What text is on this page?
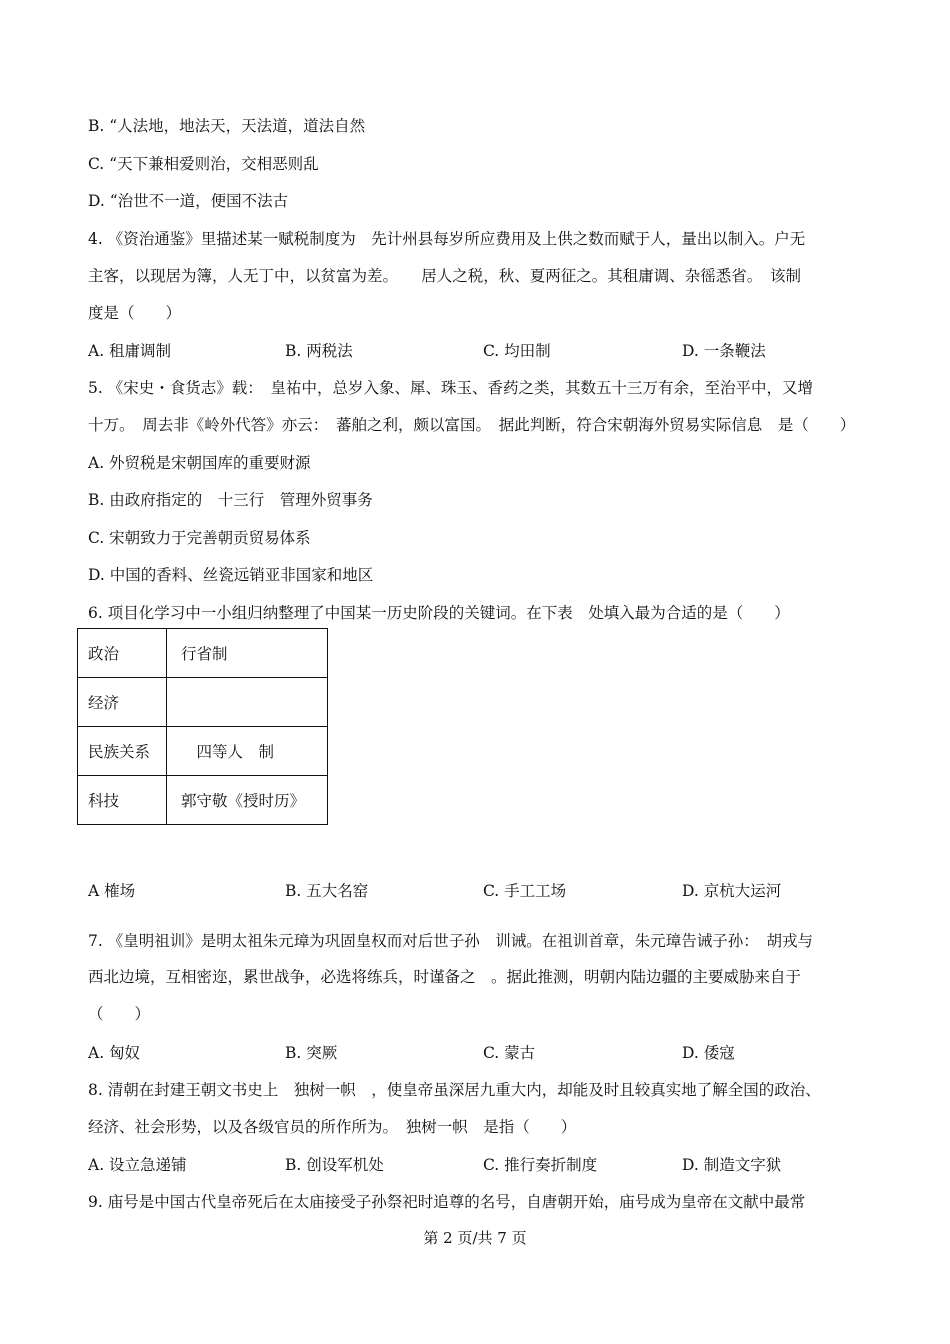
B. “人法地，地法天，天法道，道法自然
C. “天下兼相爱则治，交相恶则乱
D. “治世不一道，便国不法古
4. 《资治通鉴》里描述某一赋税制度为　先计州县每岁所应费用及上供之数而赋于人，量出以制入。户无
主客，以现居为簿，人无丁中，以贫富为差。　　居人之税，秋、夏两征之。其租庸调、杂徭悉省。　该制
度是（　　）
A. 租庸调制	B. 两税法	C. 均田制	D. 一条鞭法
5. 《宋史・食货志》载：　皇祐中，总岁入象、犀、珠玉、香药之类，其数五十三万有余，至治平中，又增
十万。　周去非《岭外代答》亦云：　蕃舶之利，颇以富国。　据此判断，符合宋朝海外贸易实际信息　是（　　）
A. 外贸税是宋朝国库的重要财源
B. 由政府指定的　十三行　管理外贸事务
C. 宋朝致力于完善朝贡贸易体系
D. 中国的香料、丝瓷远销亚非国家和地区
6. 项目化学习中一小组归纳整理了中国某一历史阶段的关键词。在下表　处填入最为合适的是（　　）
政治	行省制
经济	
民族关系	　四等人　制
科技	郭守敬《授时历》
A 榷场	B. 五大名窑	C. 手工工场	D. 京杭大运河
7. 《皇明祖训》是明太祖朱元璋为巩固皇权而对后世子孙　训诫。在祖训首章，朱元璋告诫子孙：　胡戎与
西北边境，互相密迩，累世战争，必选将练兵，时谨备之　。据此推测，明朝内陆边疆的主要威胁来自于
（　　）
A. 匈奴	B. 突厥	C. 蒙古	D. 倭寇
8. 清朝在封建王朝文书史上　独树一帜　，使皇帝虽深居九重大内，却能及时且较真实地了解全国的政治、
经济、社会形势，以及各级官员的所作所为。　独树一帜　是指（　　）
A. 设立急递铺	B. 创设军机处	C. 推行奏折制度	D. 制造文字狱
9. 庙号是中国古代皇帝死后在太庙接受子孙祭祀时追尊的名号，自唐朝开始，庙号成为皇帝在文献中最常
第 2 页/共 7 页
